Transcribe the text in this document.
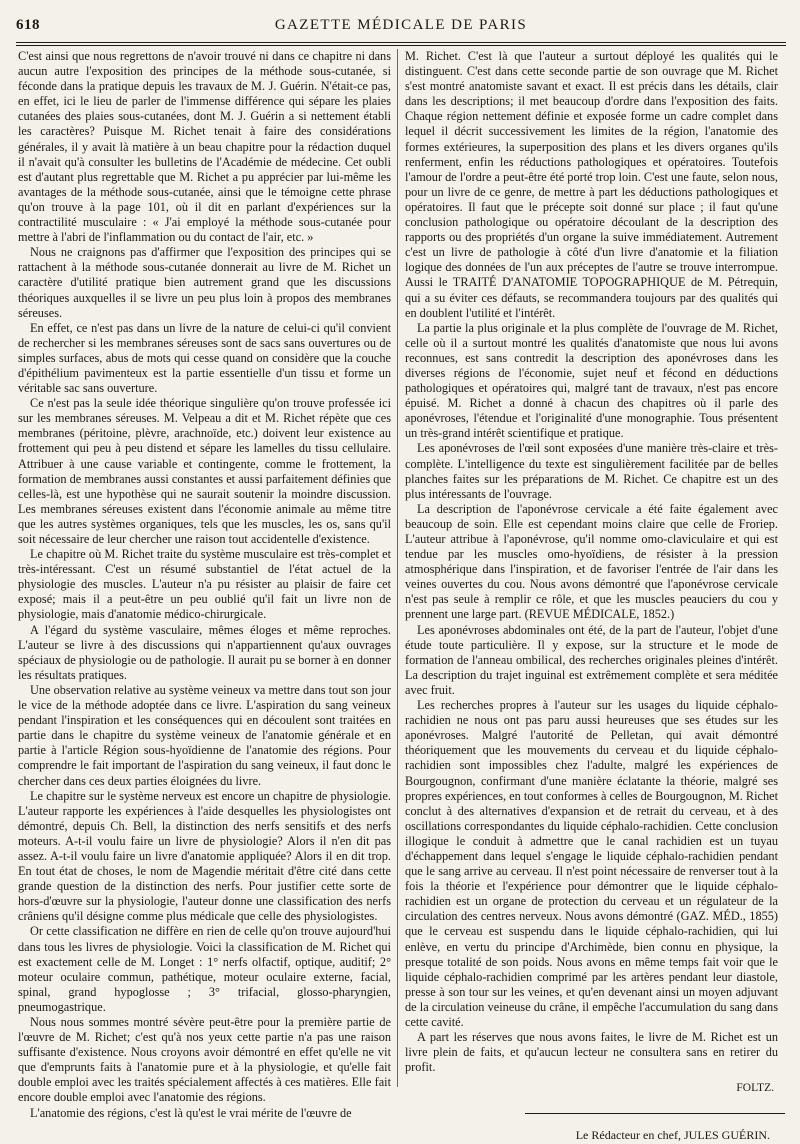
618	GAZETTE MÉDICALE DE PARIS

C'est ainsi que nous regrettons de n'avoir trouvé ni dans ce chapitre ni dans aucun autre l'exposition des principes de la méthode sous-cutanée, si féconde dans la pratique depuis les travaux de M. J. Guérin. N'était-ce pas, en effet, ici le lieu de parler de l'immense différence qui sépare les plaies cutanées des plaies sous-cutanées, dont M. J. Guérin a si nettement établi les caractères? Puisque M. Richet tenait à faire des considérations générales, il y avait là matière à un beau chapitre pour la rédaction duquel il n'avait qu'à consulter les bulletins de l'Académie de médecine. Cet oubli est d'autant plus regrettable que M. Richet a pu apprécier par lui-même les avantages de la méthode sous-cutanée, ainsi que le témoigne cette phrase qu'on trouve à la page 101, où il dit en parlant d'expériences sur la contractilité musculaire : « J'ai employé la méthode sous-cutanée pour mettre à l'abri de l'inflammation ou du contact de l'air, etc. »

Nous ne craignons pas d'affirmer que l'exposition des principes qui se rattachent à la méthode sous-cutanée donnerait au livre de M. Richet un caractère d'utilité pratique bien autrement grand que les discussions théoriques auxquelles il se livre un peu plus loin à propos des membranes séreuses.

En effet, ce n'est pas dans un livre de la nature de celui-ci qu'il convient de rechercher si les membranes séreuses sont de sacs sans ouvertures ou de simples surfaces, abus de mots qui cesse quand on considère que la couche d'épithélium pavimenteux est la partie essentielle d'un tissu et forme un véritable sac sans ouverture.

Ce n'est pas la seule idée théorique singulière qu'on trouve professée ici sur les membranes séreuses. M. Velpeau a dit et M. Richet répète que ces membranes (péritoine, plèvre, arachnoïde, etc.) doivent leur existence au frottement qui peu à peu distend et sépare les lamelles du tissu cellulaire. Attribuer à une cause variable et contingente, comme le frottement, la formation de membranes aussi constantes et aussi parfaitement définies que celles-là, est une hypothèse qui ne saurait soutenir la moindre discussion. Les membranes séreuses existent dans l'économie animale au même titre que les autres systèmes organiques, tels que les muscles, les os, sans qu'il soit nécessaire de leur chercher une raison tout accidentelle d'existence.

Le chapitre où M. Richet traite du système musculaire est très-complet et très-intéressant. C'est un résumé substantiel de l'état actuel de la physiologie des muscles. L'auteur n'a pu résister au plaisir de faire cet exposé; mais il a peut-être un peu oublié qu'il fait un livre non de physiologie, mais d'anatomie médico-chirurgicale.

A l'égard du système vasculaire, mêmes éloges et même reproches. L'auteur se livre à des discussions qui n'appartiennent qu'aux ouvrages spéciaux de physiologie ou de pathologie. Il aurait pu se borner à en donner les résultats pratiques.

Une observation relative au système veineux va mettre dans tout son jour le vice de la méthode adoptée dans ce livre. L'aspiration du sang veineux pendant l'inspiration et les conséquences qui en découlent sont traitées en partie dans le chapitre du système veineux de l'anatomie générale et en partie à l'article Région sous-hyoïdienne de l'anatomie des régions. Pour comprendre le fait important de l'aspiration du sang veineux, il faut donc le chercher dans ces deux parties éloignées du livre.

Le chapitre sur le système nerveux est encore un chapitre de physiologie. L'auteur rapporte les expériences à l'aide desquelles les physiologistes ont démontré, depuis Ch. Bell, la distinction des nerfs sensitifs et des nerfs moteurs. A-t-il voulu faire un livre de physiologie? Alors il n'en dit pas assez. A-t-il voulu faire un livre d'anatomie appliquée? Alors il en dit trop. En tout état de choses, le nom de Magendie méritait d'être cité dans cette grande question de la distinction des nerfs. Pour justifier cette sorte de hors-d'œuvre sur la physiologie, l'auteur donne une classification des nerfs crâniens qu'il désigne comme plus médicale que celle des physiologistes.

Or cette classification ne diffère en rien de celle qu'on trouve aujourd'hui dans tous les livres de physiologie. Voici la classification de M. Richet qui est exactement celle de M. Longet : 1° nerfs olfactif, optique, auditif; 2° moteur oculaire commun, pathétique, moteur oculaire externe, facial, spinal, grand hypoglosse ; 3° trifacial, glosso-pharyngien, pneumogastrique.

Nous nous sommes montré sévère peut-être pour la première partie de l'œuvre de M. Richet; c'est qu'à nos yeux cette partie n'a pas une raison suffisante d'existence. Nous croyons avoir démontré en effet qu'elle ne vit que d'emprunts faits à l'anatomie pure et à la physiologie, et qu'elle fait double emploi avec les traités spécialement affectés à ces matières. Elle fait encore double emploi avec l'anatomie des régions.

L'anatomie des régions, c'est là qu'est le vrai mérite de l'œuvre de

M. Richet. C'est là que l'auteur a surtout déployé les qualités qui le distinguent. C'est dans cette seconde partie de son ouvrage que M. Richet s'est montré anatomiste savant et exact. Il est précis dans les détails, clair dans les descriptions; il met beaucoup d'ordre dans l'exposition des faits. Chaque région nettement définie et exposée forme un cadre complet dans lequel il décrit successivement les limites de la région, l'anatomie des formes extérieures, la superposition des plans et les divers organes qu'ils renferment, enfin les réductions pathologiques et opératoires. Toutefois l'amour de l'ordre a peut-être été porté trop loin. C'est une faute, selon nous, pour un livre de ce genre, de mettre à part les déductions pathologiques et opératoires. Il faut que le précepte soit donné sur place ; il faut qu'une conclusion pathologique ou opératoire découlant de la description des rapports ou des propriétés d'un organe la suive immédiatement. Autrement c'est un livre de pathologie à côté d'un livre d'anatomie et la filiation logique des données de l'un aux préceptes de l'autre se trouve interrompue. Aussi le TRAITÉ D'ANATOMIE TOPOGRAPHIQUE de M. Pétrequin, qui a su éviter ces défauts, se recommandera toujours par des qualités qui en doublent l'utilité et l'intérêt.

La partie la plus originale et la plus complète de l'ouvrage de M. Richet, celle où il a surtout montré les qualités d'anatomiste que nous lui avons reconnues, est sans contredit la description des aponévroses dans les diverses régions de l'économie, sujet neuf et fécond en déductions pathologiques et opératoires qui, malgré tant de travaux, n'est pas encore épuisé. M. Richet a donné à chacun des chapitres où il parle des aponévroses, l'étendue et l'originalité d'une monographie. Tous présentent un très-grand intérêt scientifique et pratique.

Les aponévroses de l'œil sont exposées d'une manière très-claire et très-complète. L'intelligence du texte est singulièrement facilitée par de belles planches faites sur les préparations de M. Richet. Ce chapitre est un des plus intéressants de l'ouvrage.

La description de l'aponévrose cervicale a été faite également avec beaucoup de soin. Elle est cependant moins claire que celle de Froriep. L'auteur attribue à l'aponévrose, qu'il nomme omo-claviculaire et qui est tendue par les muscles omo-hyoïdiens, de résister à la pression atmosphérique dans l'inspiration, et de favoriser l'entrée de l'air dans les veines ouvertes du cou. Nous avons démontré que l'aponévrose cervicale n'est pas seule à remplir ce rôle, et que les muscles peauciers du cou y prennent une large part. (REVUE MÉDICALE, 1852.)

Les aponévroses abdominales ont été, de la part de l'auteur, l'objet d'une étude toute particulière. Il y expose, sur la structure et le mode de formation de l'anneau ombilical, des recherches originales pleines d'intérêt. La description du trajet inguinal est extrêmement complète et sera méditée avec fruit.

Les recherches propres à l'auteur sur les usages du liquide céphalo-rachidien ne nous ont pas paru aussi heureuses que ses études sur les aponévroses. Malgré l'autorité de Pelletan, qui avait démontré théoriquement que les mouvements du cerveau et du liquide céphalo-rachidien sont impossibles chez l'adulte, malgré les expériences de Bourgougnon, confirmant d'une manière éclatante la théorie, malgré ses propres expériences, en tout conformes à celles de Bourgougnon, M. Richet conclut à des alternatives d'expansion et de retrait du cerveau, et à des oscillations correspondantes du liquide céphalo-rachidien. Cette conclusion illogique le conduit à admettre que le canal rachidien est un tuyau d'échappement dans lequel s'engage le liquide céphalo-rachidien pendant que le sang arrive au cerveau. Il n'est point nécessaire de renverser tout à la fois la théorie et l'expérience pour démontrer que le liquide céphalo-rachidien est un organe de protection du cerveau et un régulateur de la circulation des centres nerveux. Nous avons démontré (GAZ. MÉD., 1855) que le cerveau est suspendu dans le liquide céphalo-rachidien, qui lui enlève, en vertu du principe d'Archimède, bien connu en physique, la presque totalité de son poids. Nous avons en même temps fait voir que le liquide céphalo-rachidien comprimé par les artères pendant leur diastole, presse à son tour sur les veines, et qu'en devenant ainsi un moyen adjuvant de la circulation veineuse du crâne, il empêche l'accumulation du sang dans cette cavité.

A part les réserves que nous avons faites, le livre de M. Richet est un livre plein de faits, et qu'aucun lecteur ne consultera sans en retirer du profit.

FOLTZ.

Le Rédacteur en chef, JULES GUÉRIN.
